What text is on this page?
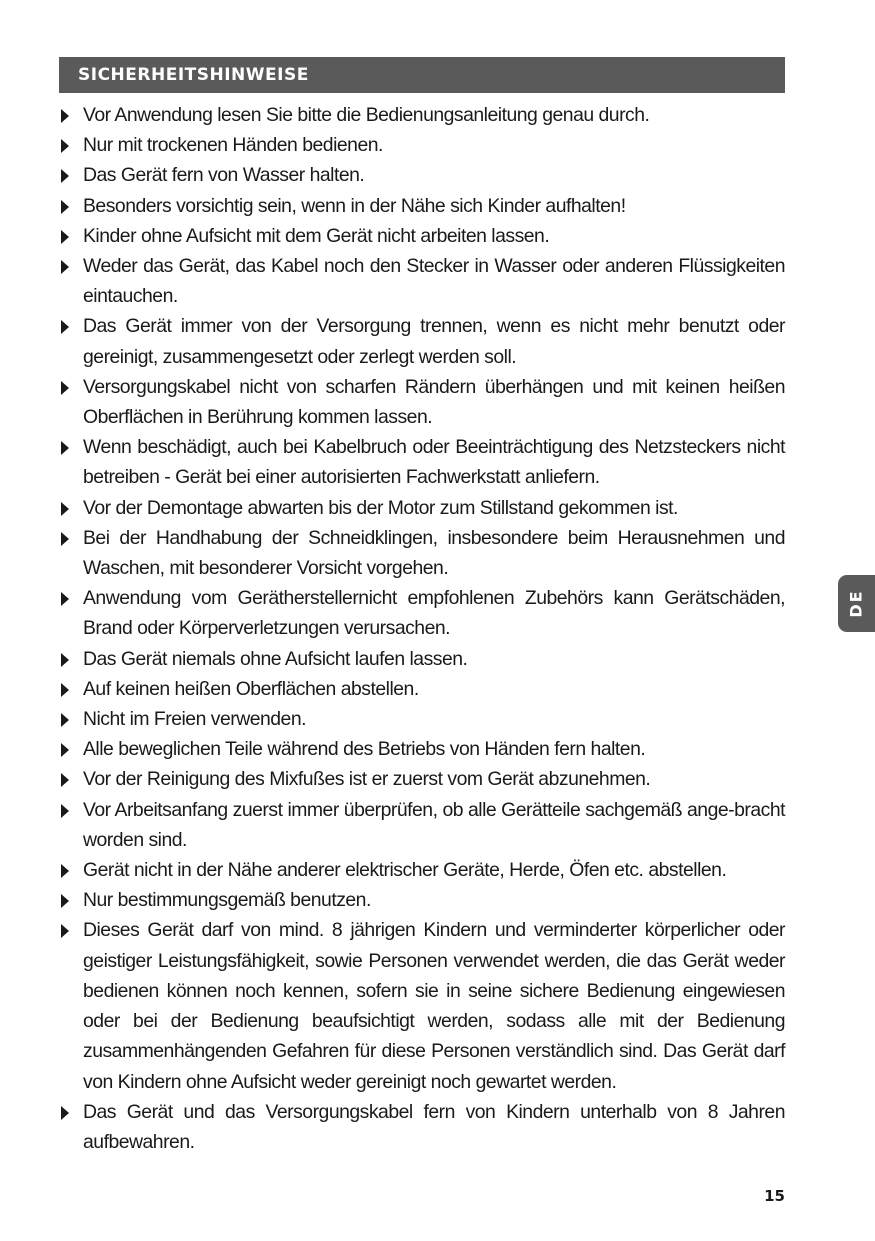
SICHERHEITSHINWEISE
Vor Anwendung lesen Sie bitte die Bedienungsanleitung genau durch.
Nur mit trockenen Händen bedienen.
Das Gerät fern von Wasser halten.
Besonders vorsichtig sein, wenn in der Nähe sich Kinder aufhalten!
Kinder ohne Aufsicht mit dem Gerät nicht arbeiten lassen.
Weder das Gerät, das Kabel noch den Stecker in Wasser oder anderen Flüssigkeiten eintauchen.
Das Gerät immer von der Versorgung trennen, wenn es nicht mehr benutzt oder gereinigt, zusammengesetzt oder zerlegt werden soll.
Versorgungskabel nicht von scharfen Rändern überhängen und mit keinen heißen Oberflächen in Berührung kommen lassen.
Wenn beschädigt, auch bei Kabelbruch oder Beeinträchtigung des Netzsteckers nicht betreiben - Gerät bei einer autorisierten Fachwerkstatt anliefern.
Vor der Demontage abwarten bis der Motor zum Stillstand gekommen ist.
Bei der Handhabung der Schneidklingen, insbesondere beim Herausnehmen und Waschen, mit besonderer Vorsicht vorgehen.
Anwendung vom Gerätherstellernicht empfohlenen Zubehörs kann Gerätschäden, Brand oder Körperverletzungen verursachen.
Das Gerät niemals ohne Aufsicht laufen lassen.
Auf keinen heißen Oberflächen abstellen.
Nicht im Freien verwenden.
Alle beweglichen Teile während des Betriebs von Händen fern halten.
Vor der Reinigung des Mixfußes ist er zuerst vom Gerät abzunehmen.
Vor Arbeitsanfang zuerst immer überprüfen, ob alle Gerätteile sachgemäß ange-bracht worden sind.
Gerät nicht in der Nähe anderer elektrischer Geräte, Herde, Öfen etc. abstellen.
Nur bestimmungsgemäß benutzen.
Dieses Gerät darf von mind. 8 jährigen Kindern und verminderter körperlicher oder geistiger Leistungsfähigkeit, sowie Personen verwendet werden, die das Gerät weder bedienen können noch kennen, sofern sie in seine sichere Bedienung eingewiesen oder bei der Bedienung beaufsichtigt werden, sodass alle mit der Bedienung zusammenhängenden Gefahren für diese Personen verständlich sind. Das Gerät darf von Kindern ohne Aufsicht weder gereinigt noch gewartet werden.
Das Gerät und das Versorgungskabel fern von Kindern unterhalb von 8 Jahren aufbewahren.
DE
15
